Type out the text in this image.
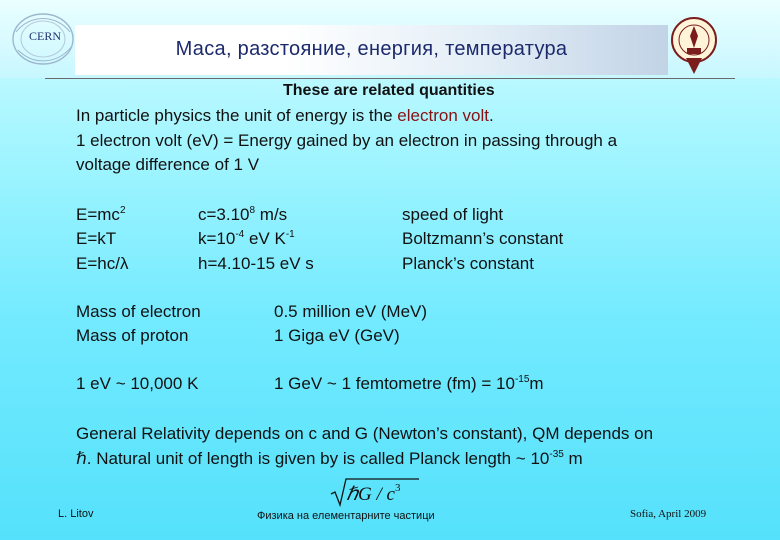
Маса, разстояние, енергия, температура
CERN
These are related quantities
In particle physics the unit of energy is the electron volt.
1 electron volt (eV) = Energy gained by an electron in passing through a
voltage difference of 1 V
$E=mc^2$	$c=3.10^8$ m/s	speed of light
E=kT	$k=10^{-4}$ eV $K^{-1}$	Boltzmann’s constant
E=hc/λ	h=4.10-15 eV s	Planck’s constant
Mass of electron	0.5 million eV (MeV)
Mass of proton	1 Giga eV (GeV)
1 eV ~ 10,000 K	1 GeV ~ 1 femtometre $(fm) = 10^{-15}m$
General Relativity depends on c and G (Newton’s constant), QM depends on
ℏ. Natural unit of length is given by is called Planck length ~ $10^{-35}$ m
ℏG / $c^3$
L. Litov	Физика на елементарните частици	Sofia, April 2009
